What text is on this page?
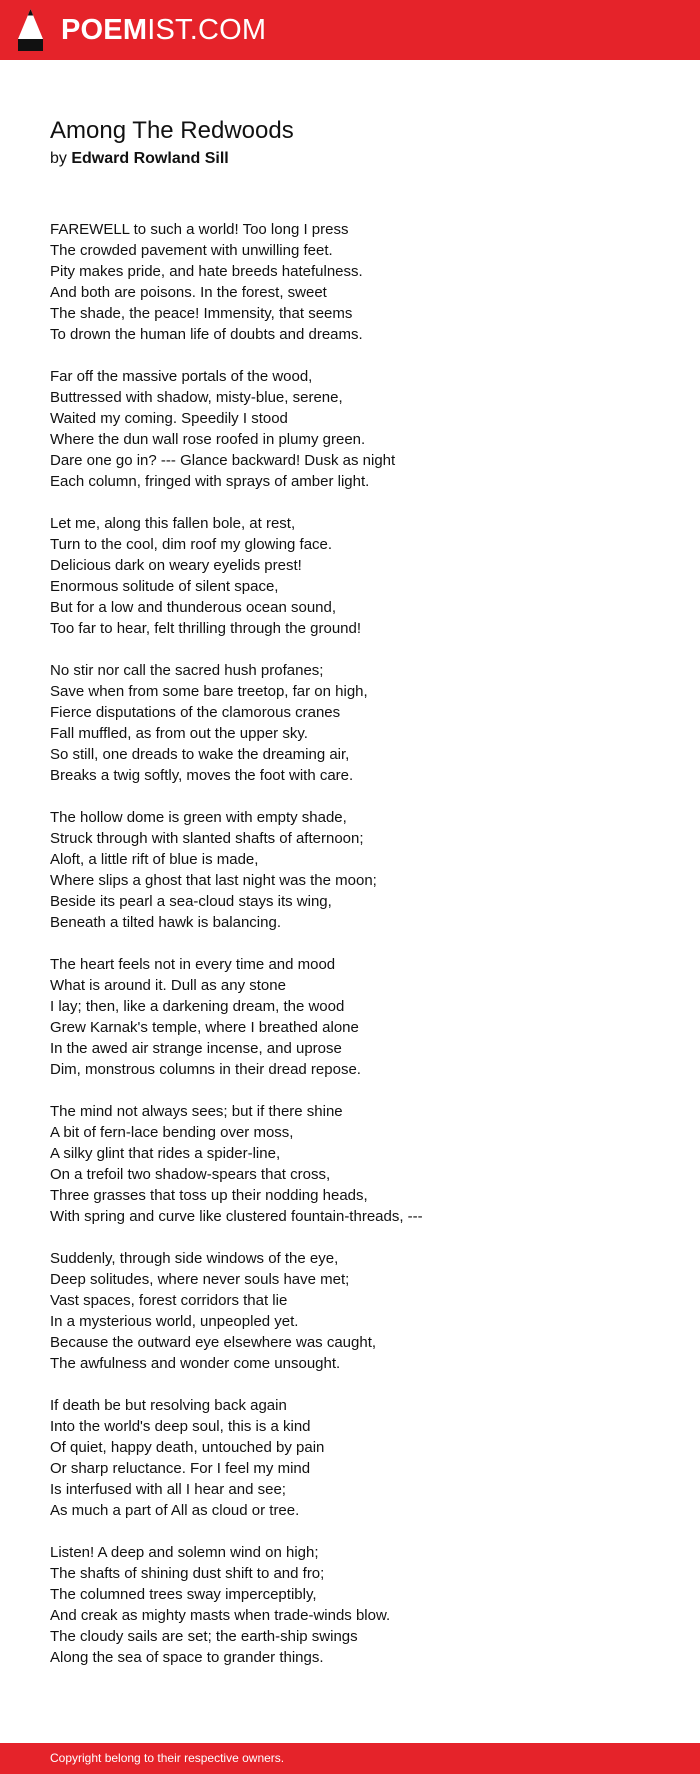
POEMIST.COM
Among The Redwoods
by Edward Rowland Sill
FAREWELL to such a world! Too long I press
The crowded pavement with unwilling feet.
Pity makes pride, and hate breeds hatefulness.
And both are poisons. In the forest, sweet
The shade, the peace! Immensity, that seems
To drown the human life of doubts and dreams.
Far off the massive portals of the wood,
Buttressed with shadow, misty-blue, serene,
Waited my coming. Speedily I stood
Where the dun wall rose roofed in plumy green.
Dare one go in? --- Glance backward! Dusk as night
Each column, fringed with sprays of amber light.
Let me, along this fallen bole, at rest,
Turn to the cool, dim roof my glowing face.
Delicious dark on weary eyelids prest!
Enormous solitude of silent space,
But for a low and thunderous ocean sound,
Too far to hear, felt thrilling through the ground!
No stir nor call the sacred hush profanes;
Save when from some bare treetop, far on high,
Fierce disputations of the clamorous cranes
Fall muffled, as from out the upper sky.
So still, one dreads to wake the dreaming air,
Breaks a twig softly, moves the foot with care.
The hollow dome is green with empty shade,
Struck through with slanted shafts of afternoon;
Aloft, a little rift of blue is made,
Where slips a ghost that last night was the moon;
Beside its pearl a sea-cloud stays its wing,
Beneath a tilted hawk is balancing.
The heart feels not in every time and mood
What is around it. Dull as any stone
I lay; then, like a darkening dream, the wood
Grew Karnak's temple, where I breathed alone
In the awed air strange incense, and uprose
Dim, monstrous columns in their dread repose.
The mind not always sees; but if there shine
A bit of fern-lace bending over moss,
A silky glint that rides a spider-line,
On a trefoil two shadow-spears that cross,
Three grasses that toss up their nodding heads,
With spring and curve like clustered fountain-threads, ---
Suddenly, through side windows of the eye,
Deep solitudes, where never souls have met;
Vast spaces, forest corridors that lie
In a mysterious world, unpeopled yet.
Because the outward eye elsewhere was caught,
The awfulness and wonder come unsought.
If death be but resolving back again
Into the world's deep soul, this is a kind
Of quiet, happy death, untouched by pain
Or sharp reluctance. For I feel my mind
Is interfused with all I hear and see;
As much a part of All as cloud or tree.
Listen! A deep and solemn wind on high;
The shafts of shining dust shift to and fro;
The columned trees sway imperceptibly,
And creak as mighty masts when trade-winds blow.
The cloudy sails are set; the earth-ship swings
Along the sea of space to grander things.
Copyright belong to their respective owners.
